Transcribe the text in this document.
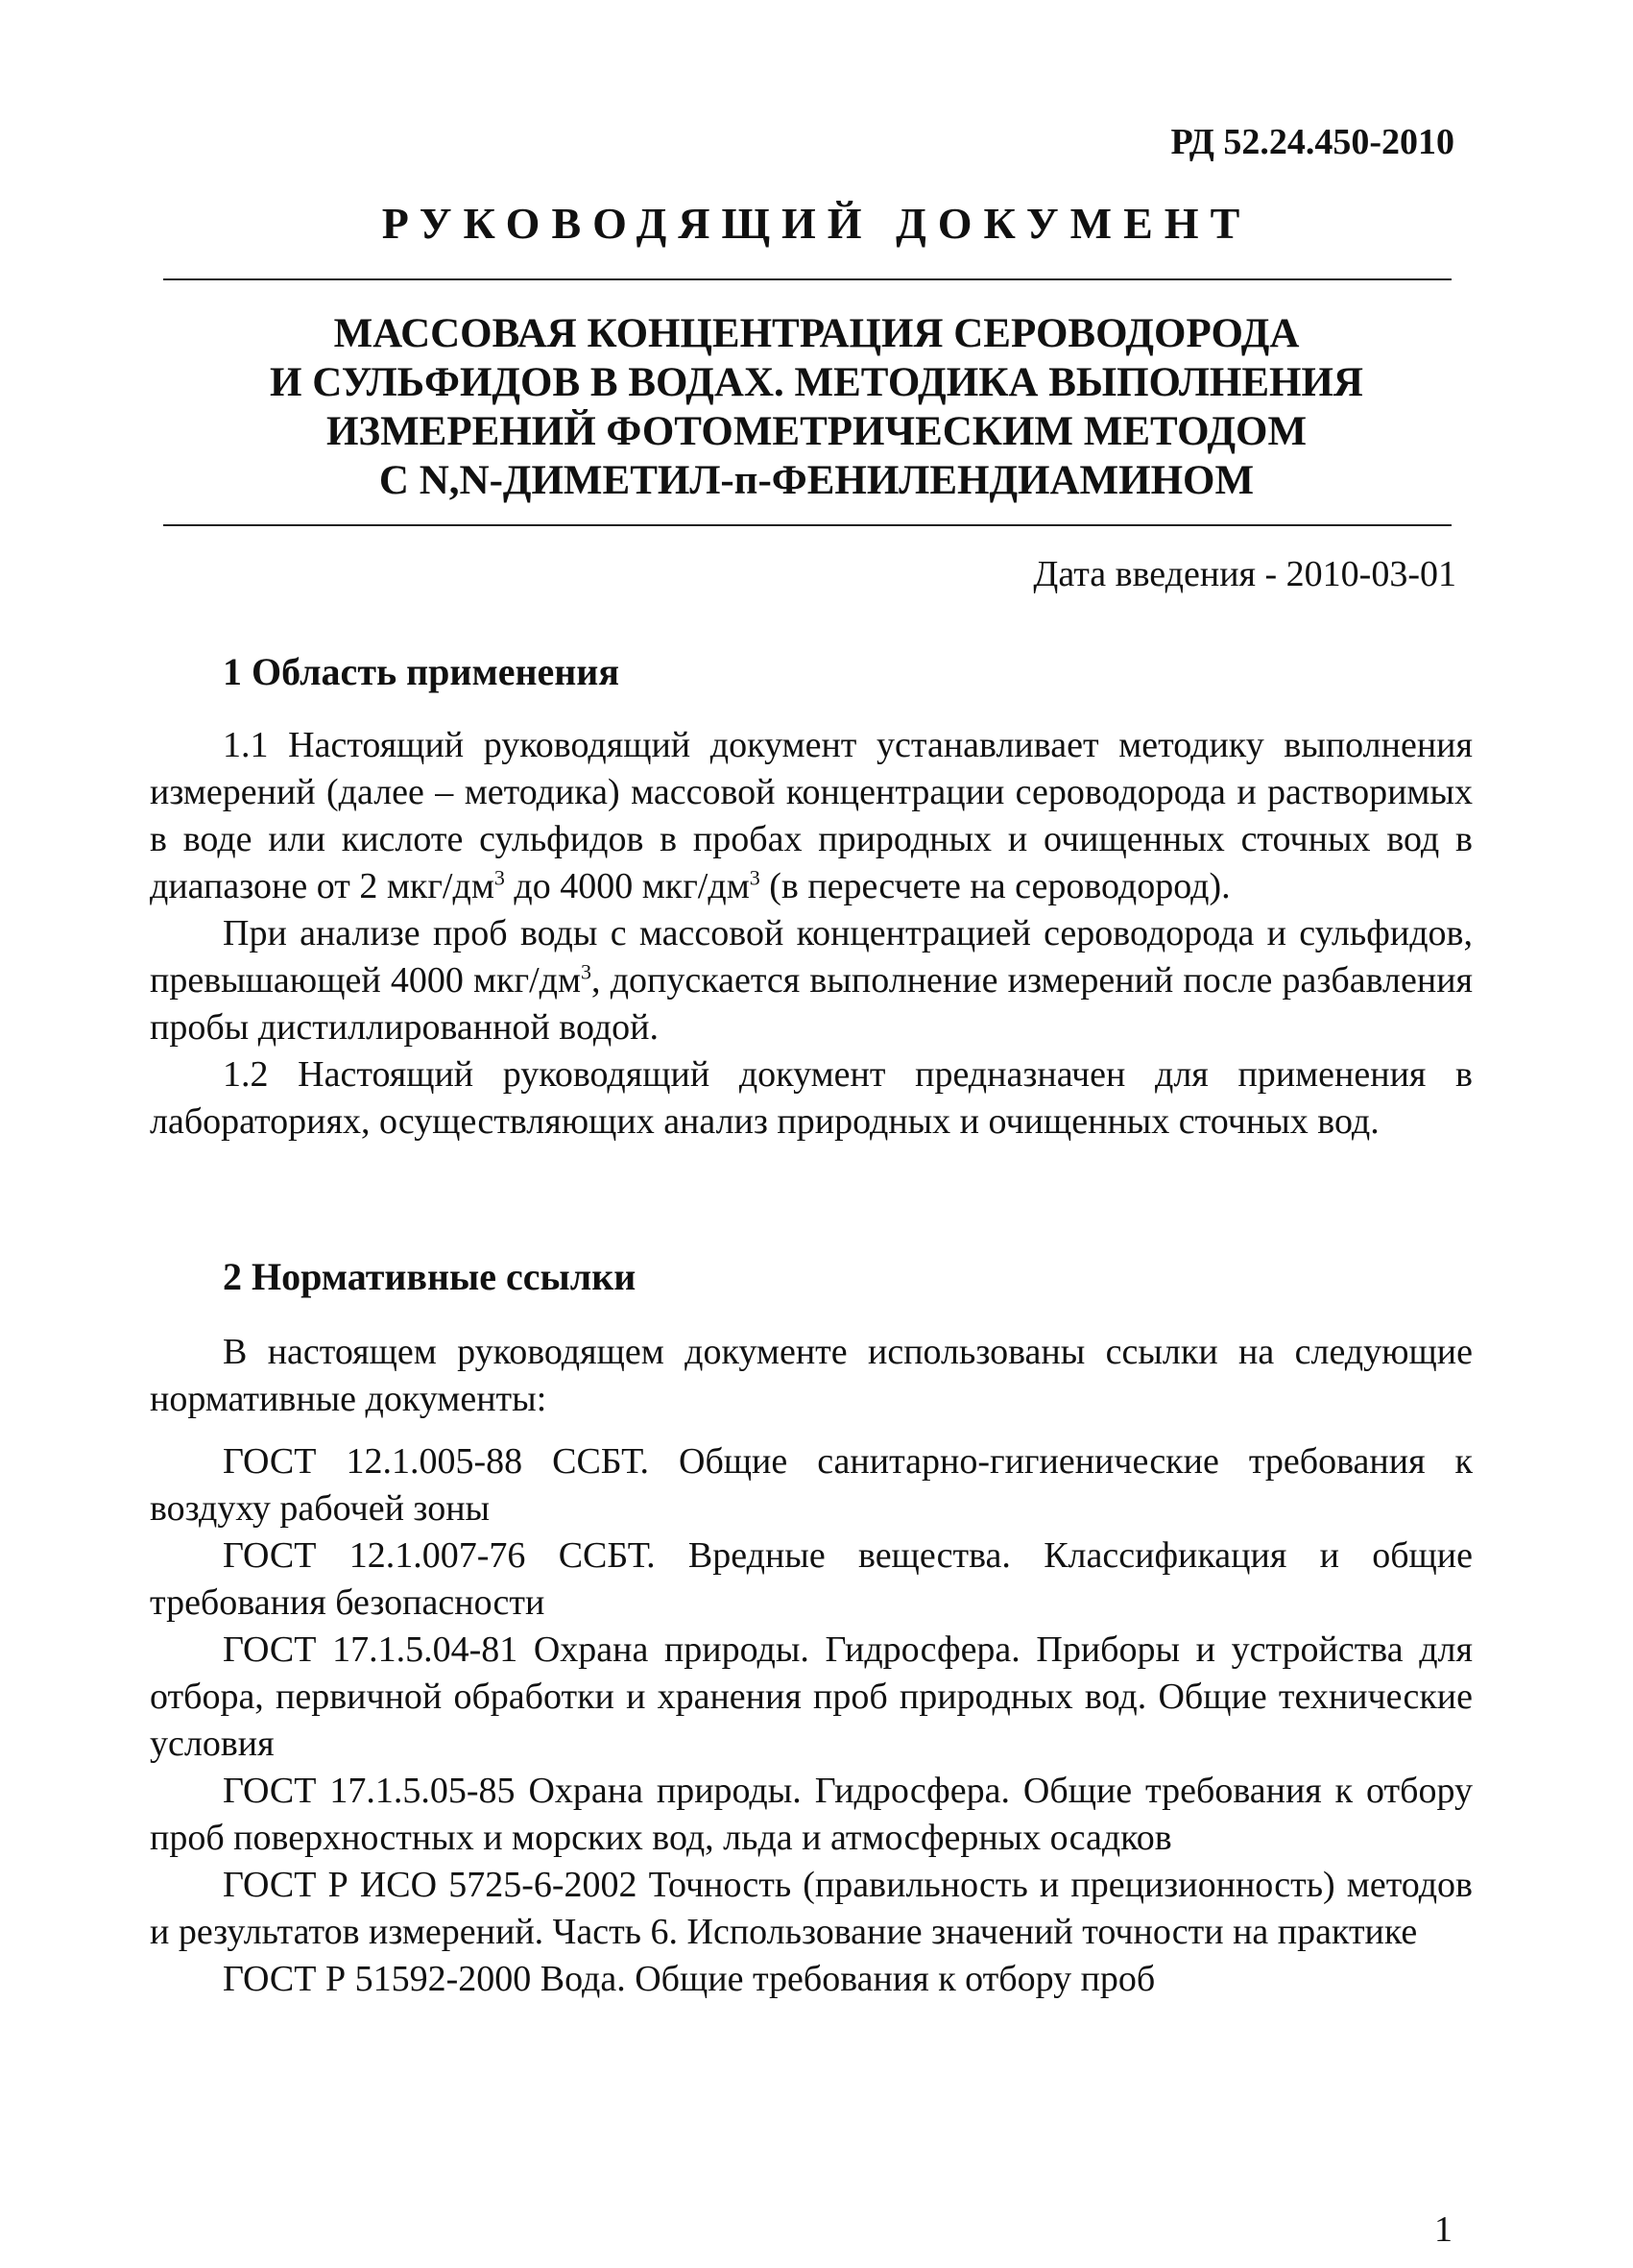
РД 52.24.450-2010
РУКОВОДЯЩИЙ ДОКУМЕНТ
МАССОВАЯ КОНЦЕНТРАЦИЯ СЕРОВОДОРОДА
И СУЛЬФИДОВ В ВОДАХ. МЕТОДИКА ВЫПОЛНЕНИЯ
ИЗМЕРЕНИЙ ФОТОМЕТРИЧЕСКИМ МЕТОДОМ
С N,N-ДИМЕТИЛ-п-ФЕНИЛЕНДИАМИНОМ
Дата введения - 2010-03-01
1 Область применения

1.1 Настоящий руководящий документ устанавливает методику выполнения измерений (далее – методика) массовой концентрации сероводорода и растворимых в воде или кислоте сульфидов в пробах природных и очищенных сточных вод в диапазоне от 2 мкг/$дм^3$ до 4000 мкг/$дм^3$ (в пересчете на сероводород).

При анализе проб воды с массовой концентрацией сероводорода и сульфидов, превышающей 4000 мкг/$дм^3$, допускается выполнение измерений после разбавления пробы дистиллированной водой.

1.2 Настоящий руководящий документ предназначен для применения в лабораториях, осуществляющих анализ природных и очищенных сточных вод.

2 Нормативные ссылки

В настоящем руководящем документе использованы ссылки на следующие нормативные документы:

ГОСТ 12.1.005-88 ССБТ. Общие санитарно-гигиенические требования к воздуху рабочей зоны

ГОСТ 12.1.007-76 ССБТ. Вредные вещества. Классификация и общие требования безопасности

ГОСТ 17.1.5.04-81 Охрана природы. Гидросфера. Приборы и устройства для отбора, первичной обработки и хранения проб природных вод. Общие технические условия

ГОСТ 17.1.5.05-85 Охрана природы. Гидросфера. Общие требования к отбору проб поверхностных и морских вод, льда и атмосферных осадков

ГОСТ Р ИСО 5725-6-2002 Точность (правильность и прецизионность) методов и результатов измерений. Часть 6. Использование значений точности на практике

ГОСТ Р 51592-2000 Вода. Общие требования к отбору проб

1
